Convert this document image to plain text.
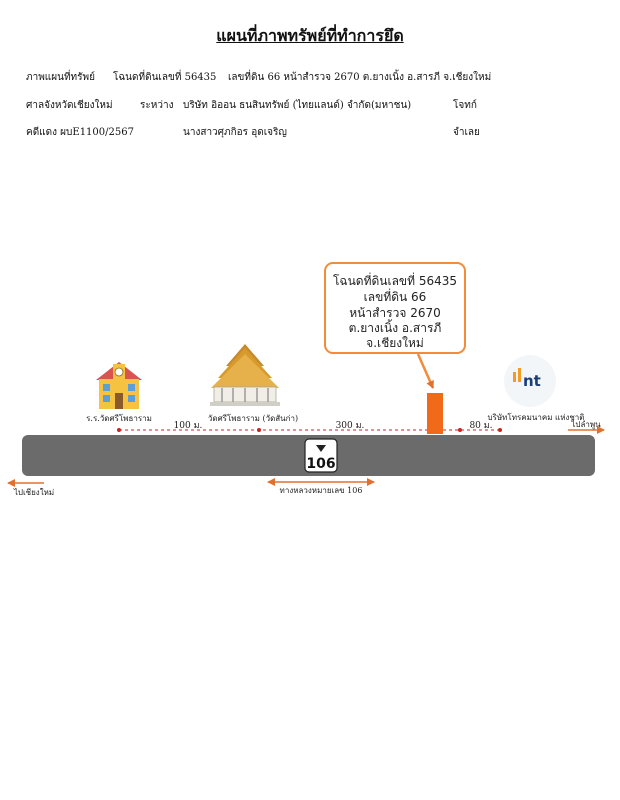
แผนที่ภาพทรัพย์ที่ทำการยึด
ภาพแผนที่ทรัพย์ โฉนดที่ดินเลขที่ 56435 เลขที่ดิน 66 หน้าสำรวจ 2670 ต.ยางเนิ้ง อ.สารภี จ.เชียงใหม่
ศาลจังหวัดเชียงใหม่	ระหว่าง บริษัท อิออน ธนสินทรัพย์ (ไทยแลนด์) จำกัด(มหาชน)	โจทก์
คดีแดง ผบE1100/2567	นางสาวศุภกิอร อุดเจริญ	จำเลย
โฉนดที่ดินเลขที่ 56435
เลขที่ดิน 66
หน้าสำรวจ 2670
ต.ยางเนิ้ง อ.สารภี
จ.เชียงใหม่
nt
106
ร.ร.วัดศรีโพธาราม
100 ม.
วัดศรีโพธาราม (วัดสันก่า)
300 ม.	80 ม.
บริษัทโทรคมนาคม แห่งชาติ
ไปลำพูน
ไปเชียงใหม่	ทางหลวงหมายเลข 106
